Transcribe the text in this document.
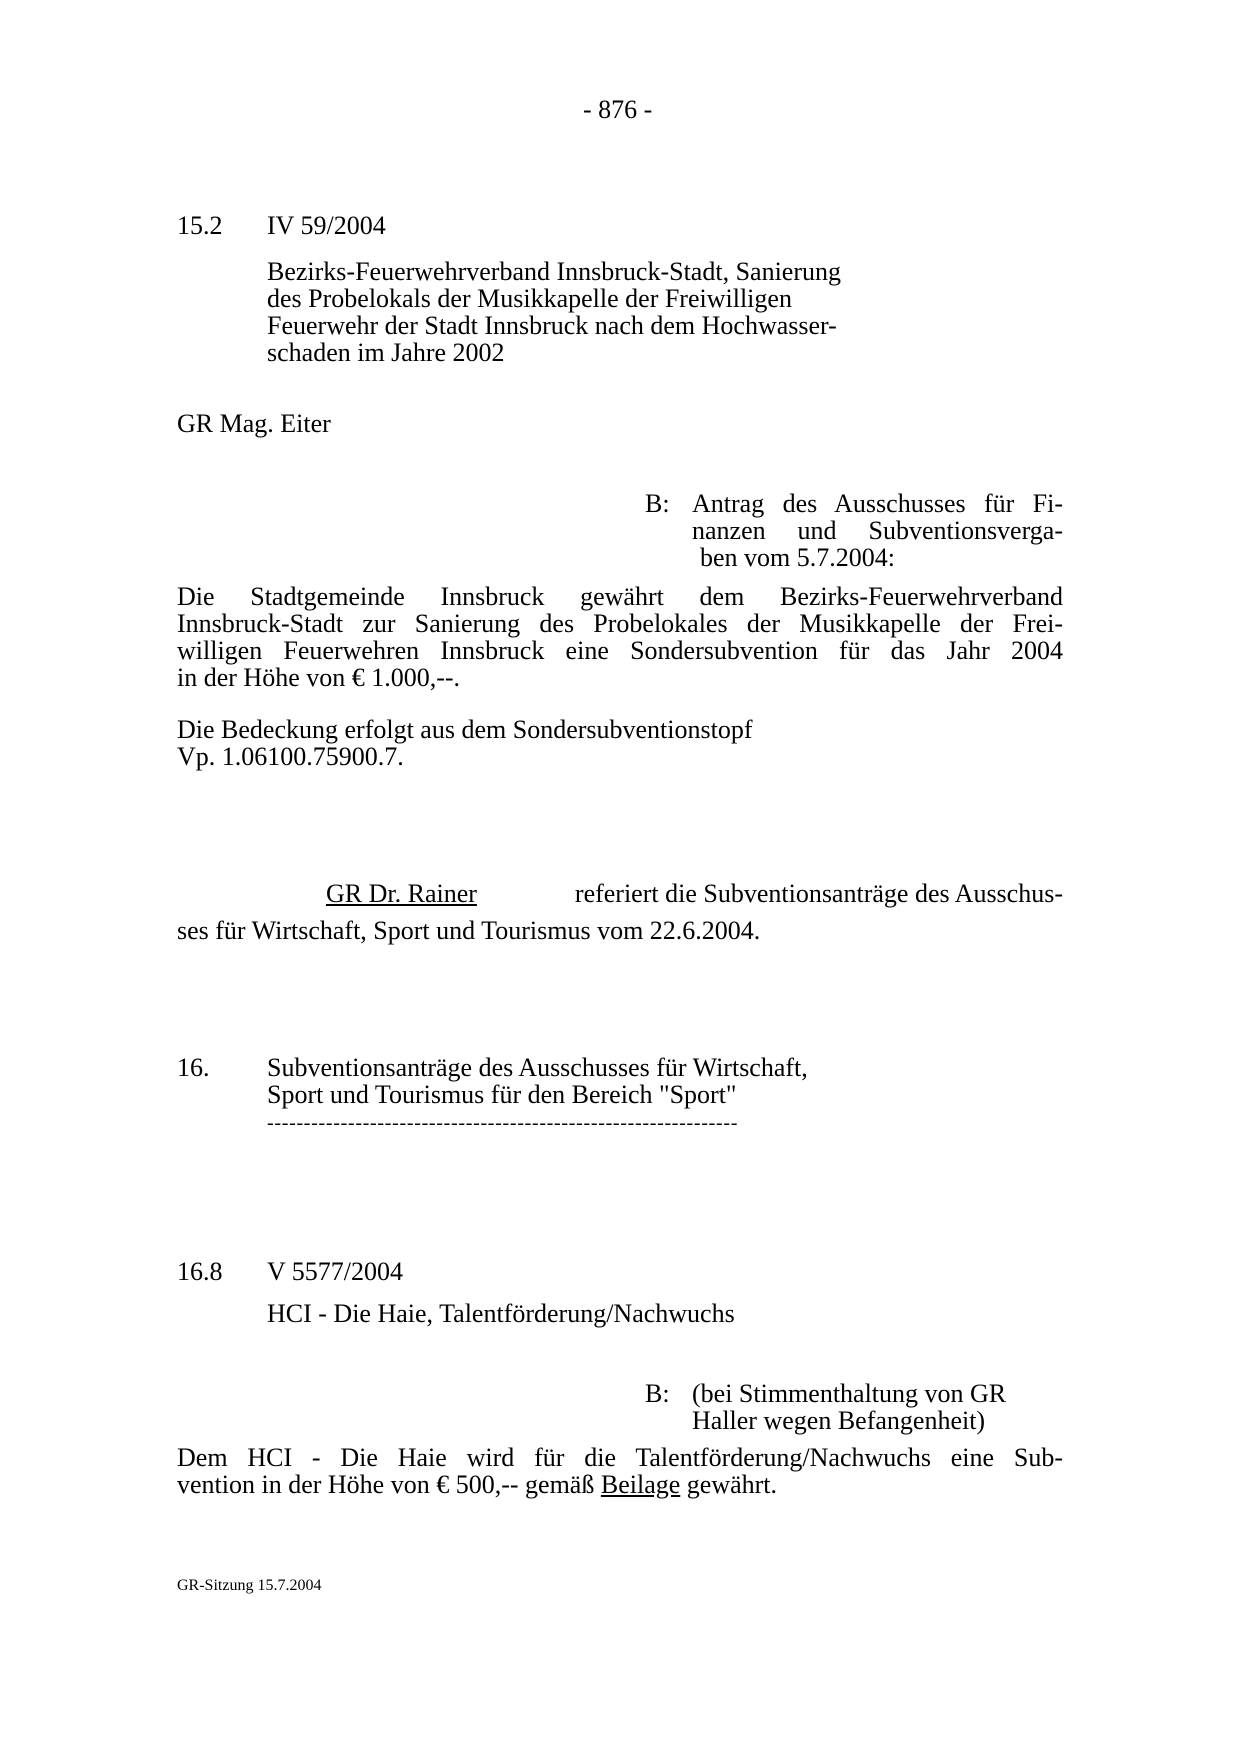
- 876 -
15.2 IV 59/2004
Bezirks-Feuerwehrverband Innsbruck-Stadt, Sanierung
des Probelokals der Musikkapelle der Freiwilligen
Feuerwehr der Stadt Innsbruck nach dem Hochwasser-
schaden im Jahre 2002
GR Mag. Eiter
B: Antrag des Ausschusses für Fi-
nanzen und Subventionsverga-
ben vom 5.7.2004:
Die Stadtgemeinde Innsbruck gewährt dem Bezirks-Feuerwehrverband
Innsbruck-Stadt zur Sanierung des Probelokales der Musikkapelle der Frei-
willigen Feuerwehren Innsbruck eine Sondersubvention für das Jahr 2004
in der Höhe von € 1.000,--.
Die Bedeckung erfolgt aus dem Sondersubventionstopf
Vp. 1.06100.75900.7.
GR Dr. Rainer	referiert die Subventionsanträge des Ausschus-
ses für Wirtschaft, Sport und Tourismus vom 22.6.2004.
16. Subventionsanträge des Ausschusses für Wirtschaft,
Sport und Tourismus für den Bereich "Sport"
----------------------------------------------------------------
16.8 V 5577/2004
HCI - Die Haie, Talentförderung/Nachwuchs
B: (bei Stimmenthaltung von GR
Haller wegen Befangenheit)
Dem HCI - Die Haie wird für die Talentförderung/Nachwuchs eine Sub-
vention in der Höhe von € 500,-- gemäß Beilage gewährt.
GR-Sitzung 15.7.2004
